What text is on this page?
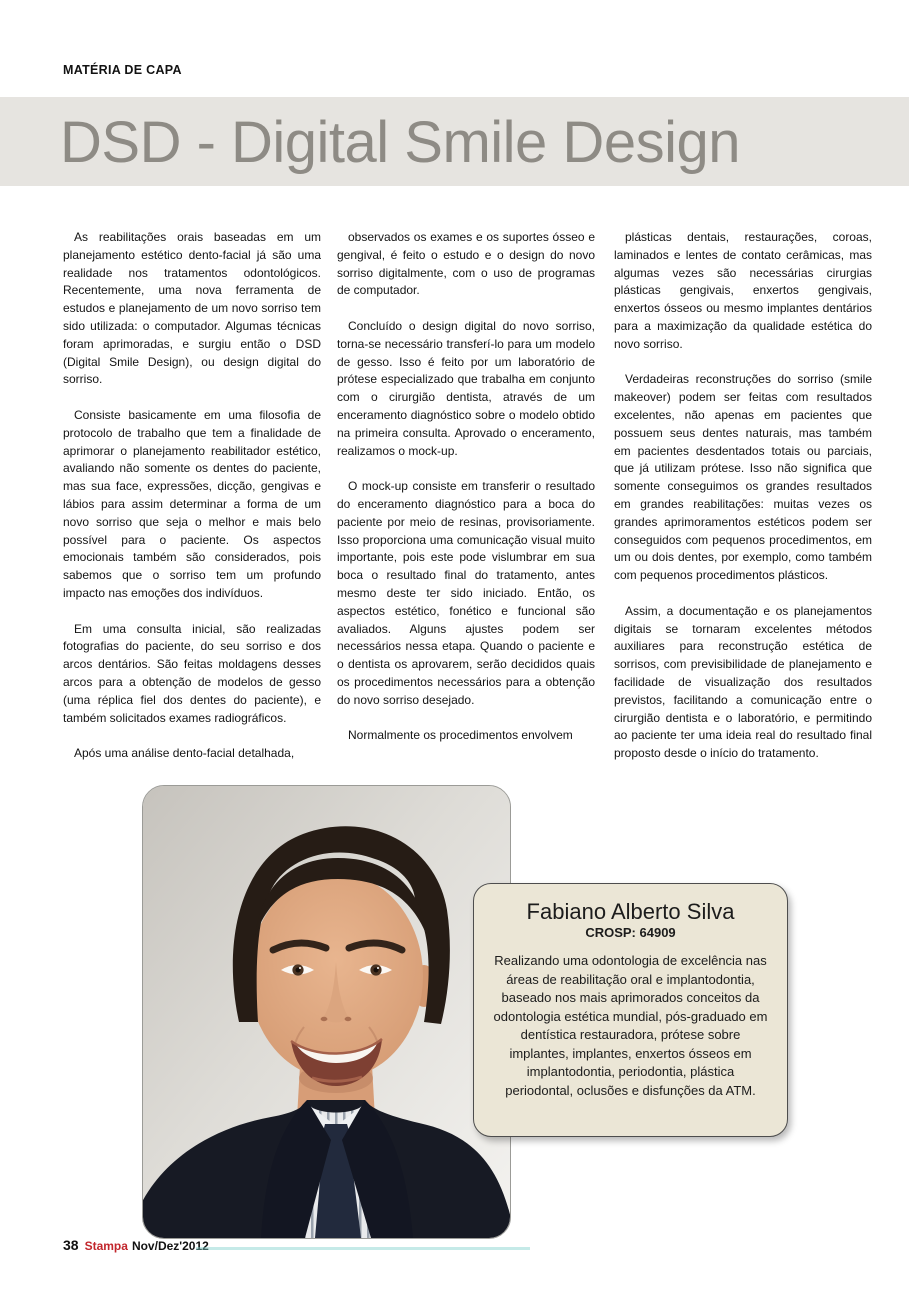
MATÉRIA DE CAPA
DSD - Digital Smile Design

As reabilitações orais baseadas em um planejamento estético dento-facial já são uma realidade nos tratamentos odontológicos. Recentemente, uma nova ferramenta de estudos e planejamento de um novo sorriso tem sido utilizada: o computador. Algumas técnicas foram aprimoradas, e surgiu então o DSD (Digital Smile Design), ou design digital do sorriso.

Consiste basicamente em uma filosofia de protocolo de trabalho que tem a finalidade de aprimorar o planejamento reabilitador estético, avaliando não somente os dentes do paciente, mas sua face, expressões, dicção, gengivas e lábios para assim determinar a forma de um novo sorriso que seja o melhor e mais belo possível para o paciente. Os aspectos emocionais também são considerados, pois sabemos que o sorriso tem um profundo impacto nas emoções dos indivíduos.

Em uma consulta inicial, são realizadas fotografias do paciente, do seu sorriso e dos arcos dentários. São feitas moldagens desses arcos para a obtenção de modelos de gesso (uma réplica fiel dos dentes do paciente), e também solicitados exames radiográficos.

Após uma análise dento-facial detalhada,

observados os exames e os suportes ósseo e gengival, é feito o estudo e o design do novo sorriso digitalmente, com o uso de programas de computador.

Concluído o design digital do novo sorriso, torna-se necessário transferí-lo para um modelo de gesso. Isso é feito por um laboratório de prótese especializado que trabalha em conjunto com o cirurgião dentista, através de um enceramento diagnóstico sobre o modelo obtido na primeira consulta. Aprovado o enceramento, realizamos o mock-up.

O mock-up consiste em transferir o resultado do enceramento diagnóstico para a boca do paciente por meio de resinas, provisoriamente. Isso proporciona uma comunicação visual muito importante, pois este pode vislumbrar em sua boca o resultado final do tratamento, antes mesmo deste ter sido iniciado. Então, os aspectos estético, fonético e funcional são avaliados. Alguns ajustes podem ser necessários nessa etapa. Quando o paciente e o dentista os aprovarem, serão decididos quais os procedimentos necessários para a obtenção do novo sorriso desejado.

Normalmente os procedimentos envolvem

plásticas dentais, restaurações, coroas, laminados e lentes de contato cerâmicas, mas algumas vezes são necessárias cirurgias plásticas gengivais, enxertos gengivais, enxertos ósseos ou mesmo implantes dentários para a maximização da qualidade estética do novo sorriso.

Verdadeiras reconstruções do sorriso (smile makeover) podem ser feitas com resultados excelentes, não apenas em pacientes que possuem seus dentes naturais, mas também em pacientes desdentados totais ou parciais, que já utilizam prótese. Isso não significa que somente conseguimos os grandes resultados em grandes reabilitações: muitas vezes os grandes aprimoramentos estéticos podem ser conseguidos com pequenos procedimentos, em um ou dois dentes, por exemplo, como também com pequenos procedimentos plásticos.

Assim, a documentação e os planejamentos digitais se tornaram excelentes métodos auxiliares para reconstrução estética de sorrisos, com previsibilidade de planejamento e facilidade de visualização dos resultados previstos, facilitando a comunicação entre o cirurgião dentista e o laboratório, e permitindo ao paciente ter uma ideia real do resultado final proposto desde o início do tratamento.

Fabiano Alberto Silva
CROSP: 64909

Realizando uma odontologia de excelência nas áreas de reabilitação oral e implantodontia, baseado nos mais aprimorados conceitos da odontologia estética mundial, pós-graduado em dentística restauradora, prótese sobre implantes, implantes, enxertos ósseos em implantodontia, periodontia, plástica periodontal, oclusões e disfunções da ATM.

38 Stampa Nov/Dez'2012
